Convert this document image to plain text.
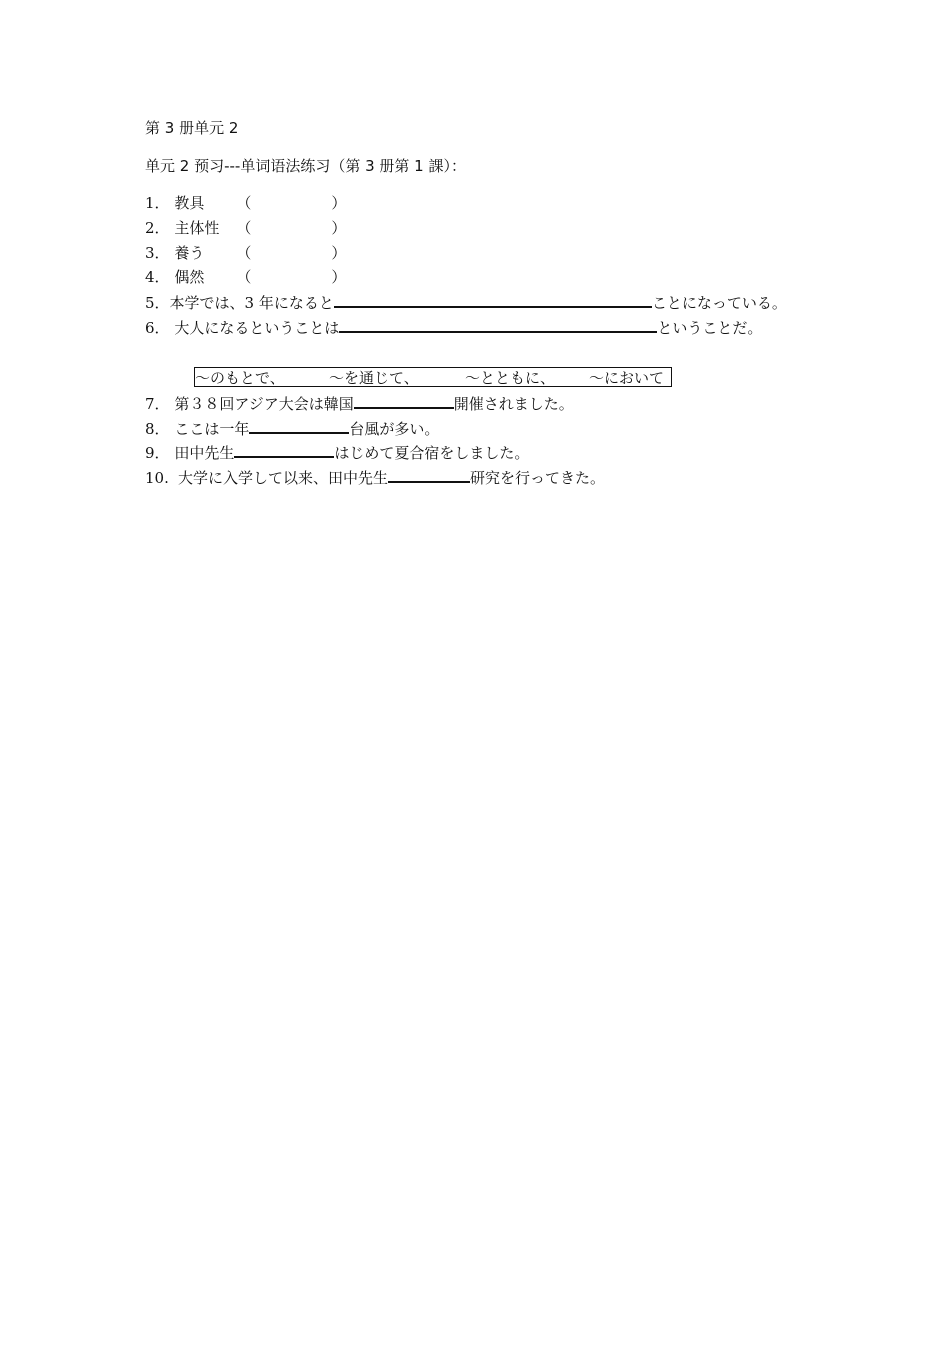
第 3 册单元 2
单元 2 预习---单词语法练习（第 3 册第 1 課）：
1． 教具 （	）
2． 主体性 （	）
3． 養う （	）
4． 偶然 （	）
5．本学では、3 年になると	ことになっている。
6． 大人になるということは	ということだ。
～のもとで、	～を通じて、	～とともに、 ～において
7． 第３８回アジア大会は韓国	開催されました。
8． ここは一年	台風が多い。
9． 田中先生	はじめて夏合宿をしました。
10. 大学に入学して以来、田中先生	研究を行ってきた。
